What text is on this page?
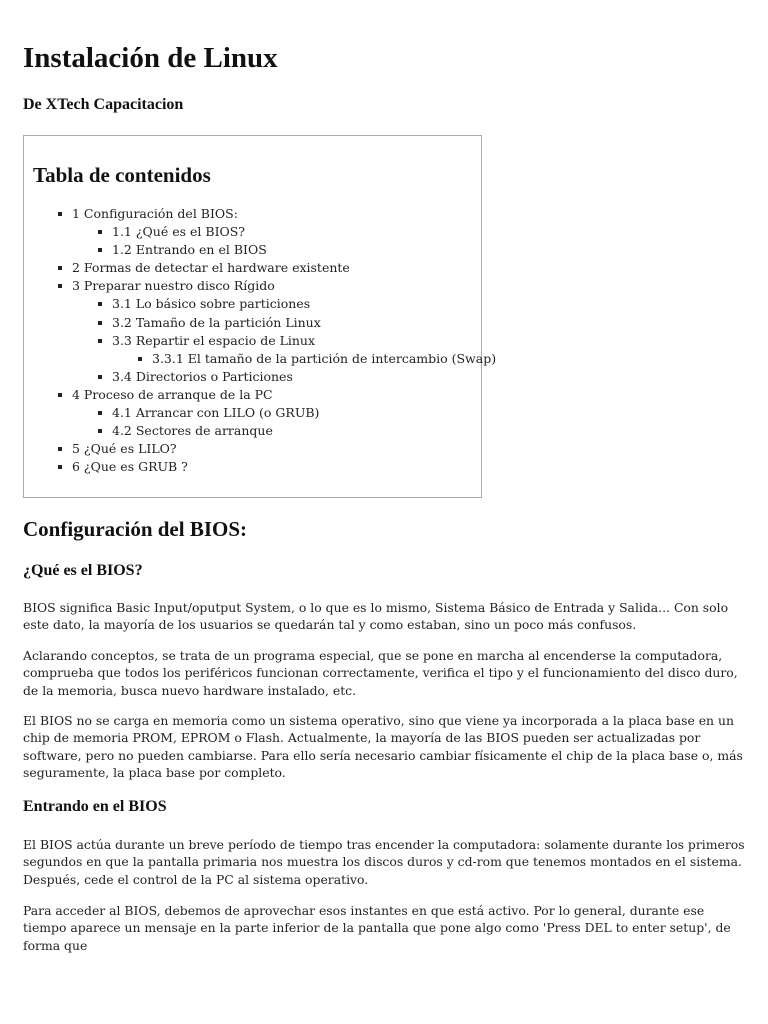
Instalación de Linux
De XTech Capacitacion
Tabla de contenidos
1 Configuración del BIOS:
1.1 ¿Qué es el BIOS?
1.2 Entrando en el BIOS
2 Formas de detectar el hardware existente
3 Preparar nuestro disco Rígido
3.1 Lo básico sobre particiones
3.2 Tamaño de la partición Linux
3.3 Repartir el espacio de Linux
3.3.1 El tamaño de la partición de intercambio (Swap)
3.4 Directorios o Particiones
4 Proceso de arranque de la PC
4.1 Arrancar con LILO (o GRUB)
4.2 Sectores de arranque
5 ¿Qué es LILO?
6 ¿Que es GRUB ?
Configuración del BIOS:
¿Qué es el BIOS?

BIOS significa Basic Input/oputput System, o lo que es lo mismo, Sistema Básico de Entrada y Salida... Con solo este dato, la mayoría de los usuarios se quedarán tal y como estaban, sino un poco más confusos.

Aclarando conceptos, se trata de un programa especial, que se pone en marcha al encenderse la computadora, comprueba que todos los periféricos funcionan correctamente, verifica el tipo y el funcionamiento del disco duro, de la memoria, busca nuevo hardware instalado, etc.

El BIOS no se carga en memoria como un sistema operativo, sino que viene ya incorporada a la placa base en un chip de memoria PROM, EPROM o Flash. Actualmente, la mayoría de las BIOS pueden ser actualizadas por software, pero no pueden cambiarse. Para ello sería necesario cambiar físicamente el chip de la placa base o, más seguramente, la placa base por completo.

Entrando en el BIOS

El BIOS actúa durante un breve período de tiempo tras encender la computadora: solamente durante los primeros segundos en que la pantalla primaria nos muestra los discos duros y cd-rom que tenemos montados en el sistema. Después, cede el control de la PC al sistema operativo.

Para acceder al BIOS, debemos de aprovechar esos instantes en que está activo. Por lo general, durante ese tiempo aparece un mensaje en la parte inferior de la pantalla que pone algo como 'Press DEL to enter setup', de forma que
